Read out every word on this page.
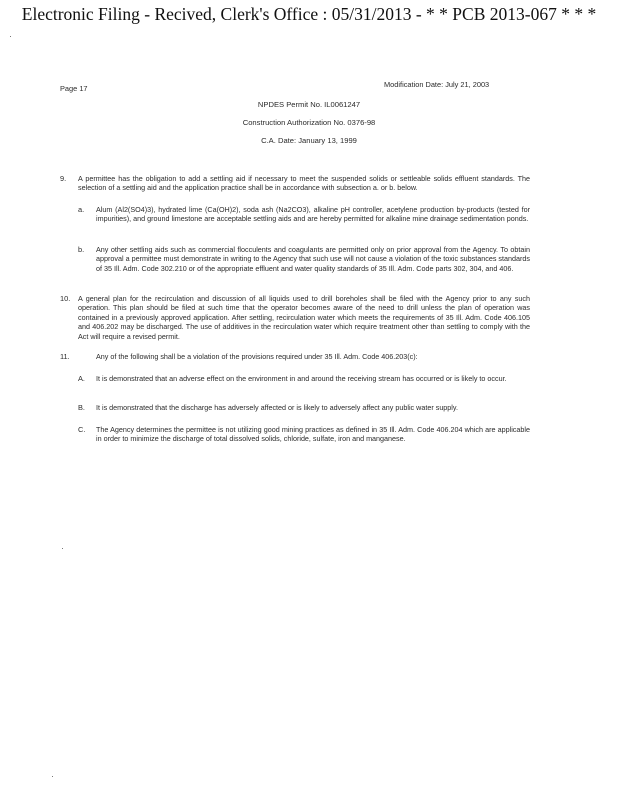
Electronic Filing - Recived, Clerk's Office : 05/31/2013 - * * PCB 2013-067 * * *
Page 17	Modification Date: July 21, 2003
NPDES Permit No. IL0061247
Construction Authorization No. 0376-98
C.A. Date: January 13, 1999
9. A permittee has the obligation to add a settling aid if necessary to meet the suspended solids or settleable solids effluent standards. The selection of a settling aid and the application practice shall be in accordance with subsection a. or b. below.
a. Alum (Al2(SO4)3), hydrated lime (Ca(OH)2), soda ash (Na2CO3), alkaline pH controller, acetylene production by-products (tested for impurities), and ground limestone are acceptable settling aids and are hereby permitted for alkaline mine drainage sedimentation ponds.
b. Any other settling aids such as commercial flocculents and coagulants are permitted only on prior approval from the Agency. To obtain approval a permittee must demonstrate in writing to the Agency that such use will not cause a violation of the toxic substances standards of 35 Ill. Adm. Code 302.210 or of the appropriate effluent and water quality standards of 35 Ill. Adm. Code parts 302, 304, and 406.
10. A general plan for the recirculation and discussion of all liquids used to drill boreholes shall be filed with the Agency prior to any such operation. This plan should be filed at such time that the operator becomes aware of the need to drill unless the plan of operation was contained in a previously approved application. After settling, recirculation water which meets the requirements of 35 Ill. Adm. Code 406.105 and 406.202 may be discharged. The use of additives in the recirculation water which require treatment other than settling to comply with the Act will require a revised permit.
11.	Any of the following shall be a violation of the provisions required under 35 Ill. Adm. Code 406.203(c):
A. It is demonstrated that an adverse effect on the environment in and around the receiving stream has occurred or is likely to occur.
B. It is demonstrated that the discharge has adversely affected or is likely to adversely affect any public water supply.
C. The Agency determines the permittee is not utilizing good mining practices as defined in 35 Ill. Adm. Code 406.204 which are applicable in order to minimize the discharge of total dissolved solids, chloride, sulfate, iron and manganese.
